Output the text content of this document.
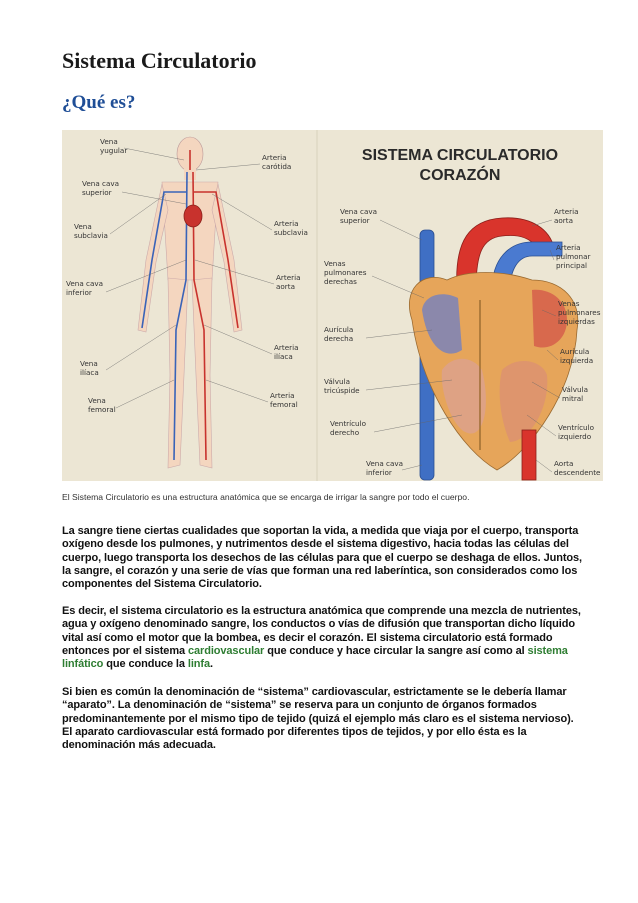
Sistema Circulatorio
¿Qué es?
Vena yugular
Arteria carótida
Vena cava superior
Vena subclavia
Arteria subclavia
Vena cava inferior
Arteria aorta
Vena ilíaca
Arteria ilíaca
Vena femoral
Arteria femoral
SISTEMA CIRCULATORIO
CORAZÓN
Vena cava superior
Arteria aorta
Arteria pulmonar principal
Venas pulmonares derechas
Venas pulmonares izquierdas
Aurícula derecha
Aurícula izquierda
Válvula tricúspide	Válvula mitral
Ventrículo derecho
Ventrículo izquierdo
Vena cava inferior
Aorta descendente

El Sistema Circulatorio es una estructura anatómica que se encarga de irrigar la sangre por todo el cuerpo.

La sangre tiene ciertas cualidades que soportan la vida, a medida que viaja por el cuerpo, transporta oxígeno desde los pulmones, y nutrimentos desde el sistema digestivo, hacia todas las células del cuerpo, luego transporta los desechos de las células para que el cuerpo se deshaga de ellos. Juntos, la sangre, el corazón y una serie de vías que forman una red laberíntica, son considerados como los componentes del Sistema Circulatorio.

Es decir, el sistema circulatorio es la estructura anatómica que comprende una mezcla de nutrientes, agua y oxígeno denominado sangre, los conductos o vías de difusión que transportan dicho líquido vital así como el motor que la bombea, es decir el corazón. El sistema circulatorio está formado entonces por el sistema cardiovascular que conduce y hace circular la sangre así como al sistema linfático que conduce la linfa.

Si bien es común la denominación de “sistema” cardiovascular, estrictamente se le debería llamar “aparato”. La denominación de “sistema” se reserva para un conjunto de órganos formados predominantemente por el mismo tipo de tejido (quizá el ejemplo más claro es el sistema nervioso). El aparato cardiovascular está formado por diferentes tipos de tejidos, y por ello ésta es la denominación más adecuada.
